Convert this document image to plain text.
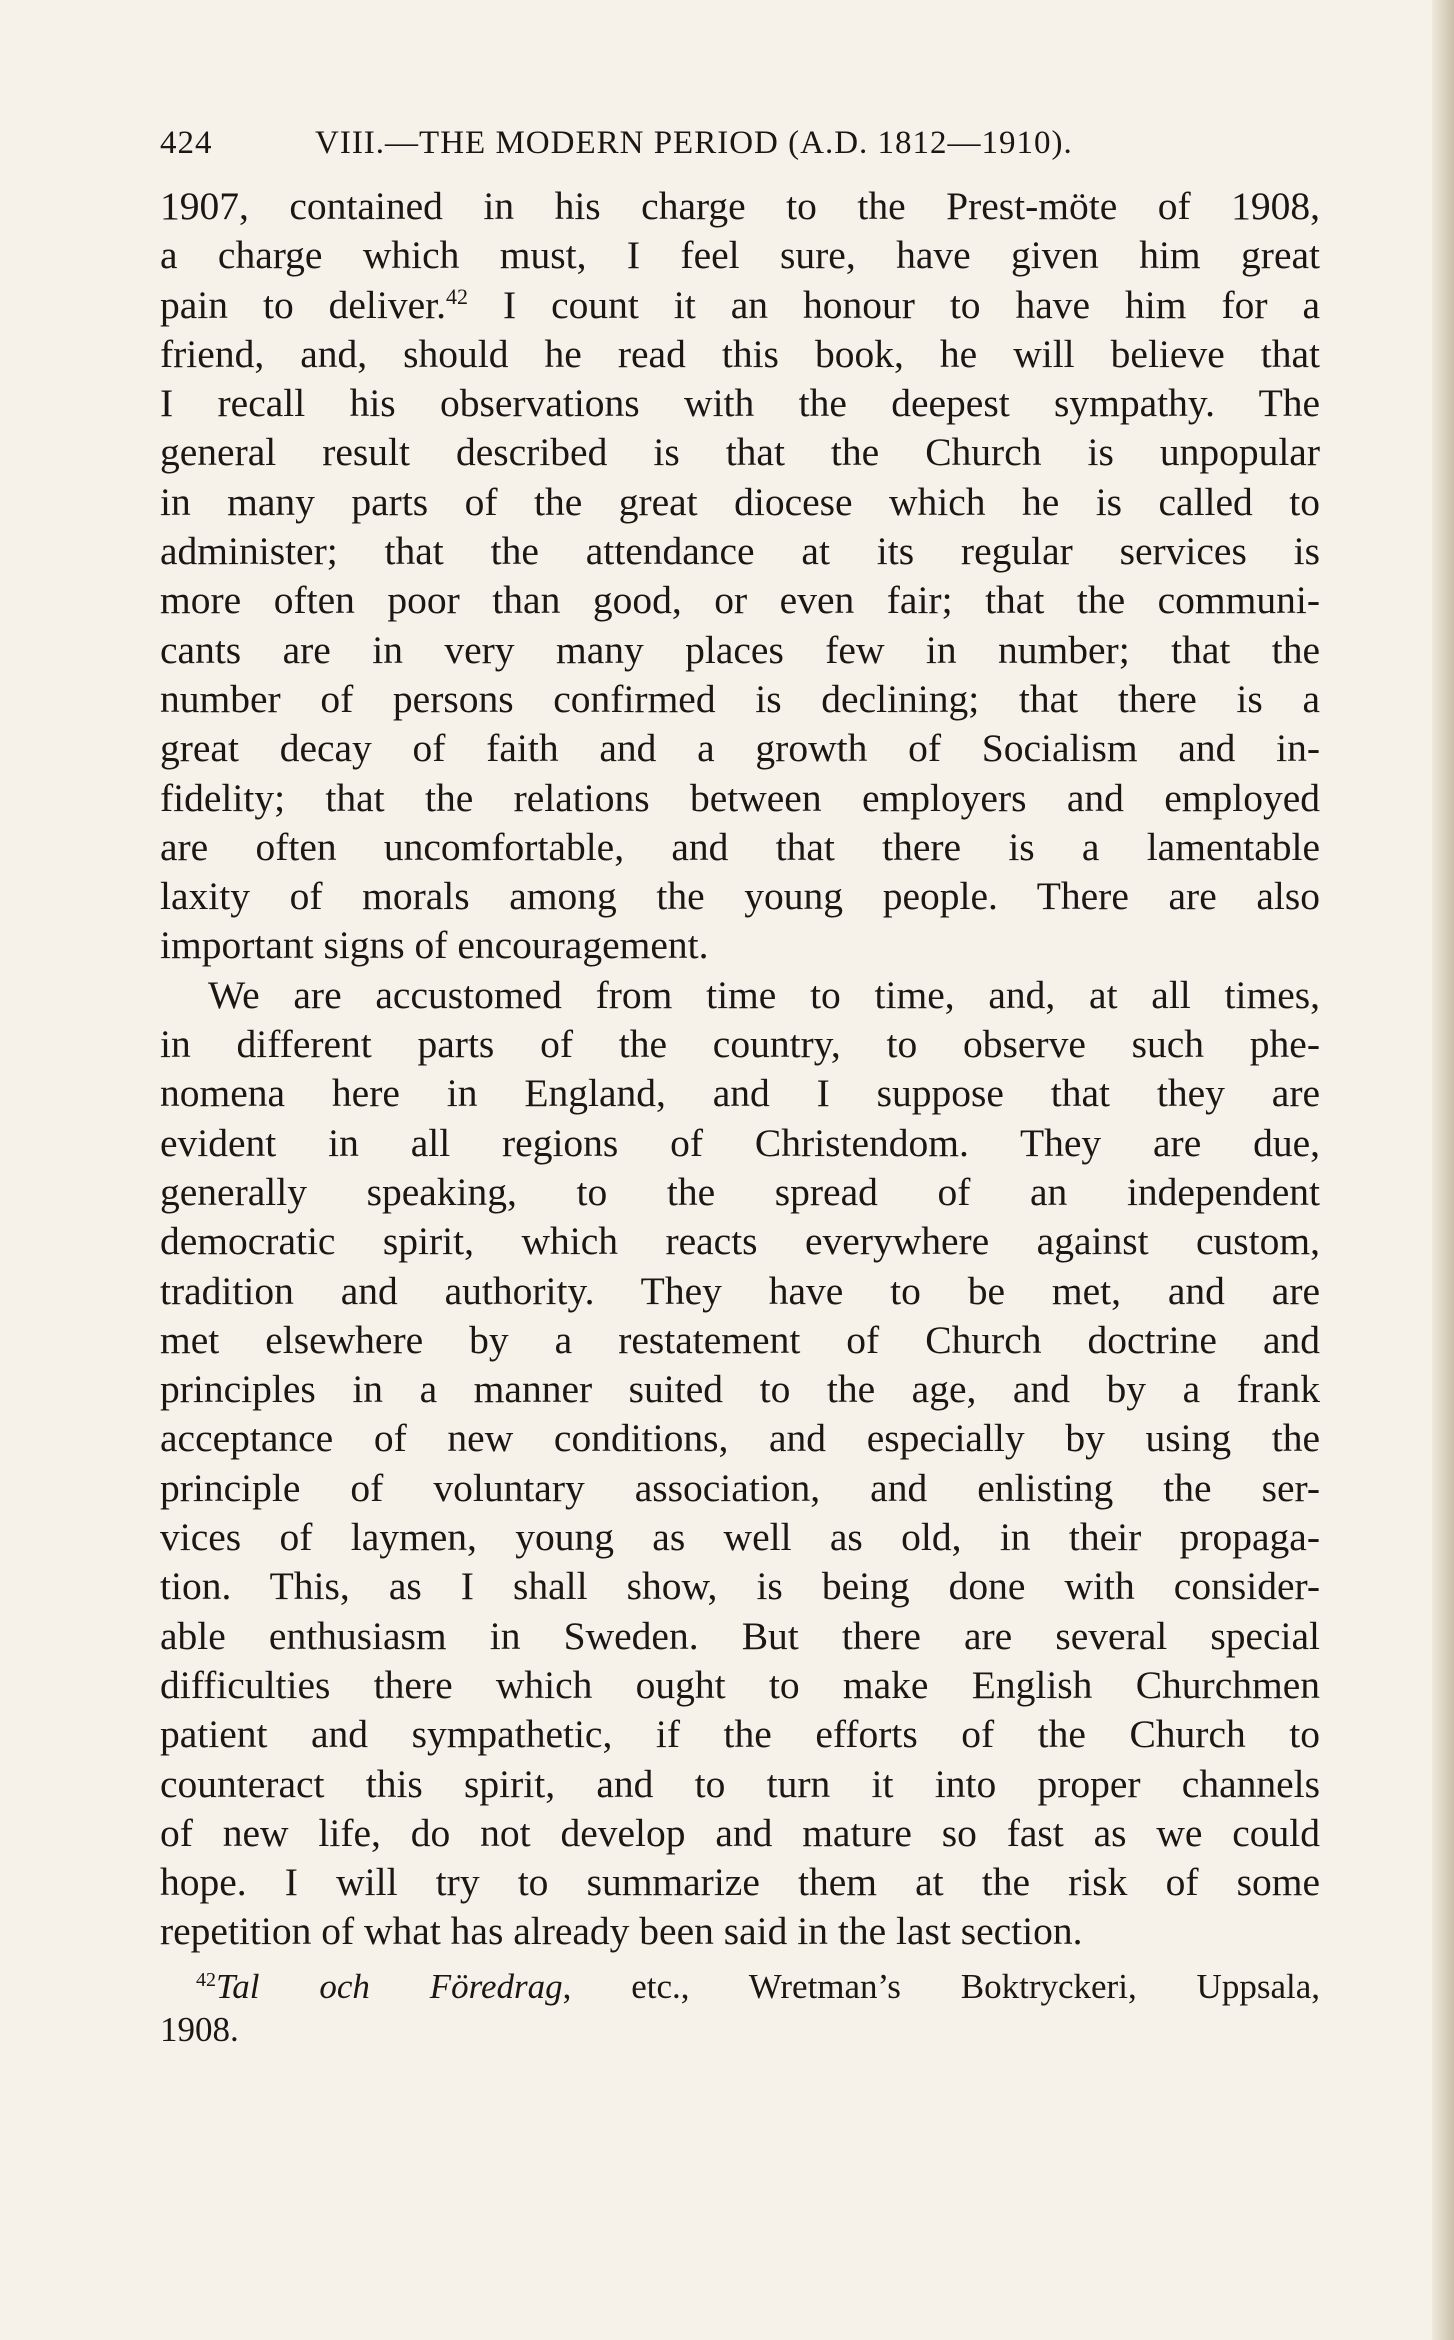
424	VIII.—THE MODERN PERIOD (A.D. 1812—1910).
1907, contained in his charge to the Prest-möte of 1908,
a charge which must, I feel sure, have given him great
pain to deliver.$^{42}$ I count it an honour to have him for a
friend, and, should he read this book, he will believe that
I recall his observations with the deepest sympathy. The
general result described is that the Church is unpopular
in many parts of the great diocese which he is called to
administer; that the attendance at its regular services is
more often poor than good, or even fair; that the communi-
cants are in very many places few in number; that the
number of persons confirmed is declining; that there is a
great decay of faith and a growth of Socialism and in-
fidelity; that the relations between employers and employed
are often uncomfortable, and that there is a lamentable
laxity of morals among the young people. There are also
important signs of encouragement.
We are accustomed from time to time, and, at all times,
in different parts of the country, to observe such phe-
nomena here in England, and I suppose that they are
evident in all regions of Christendom. They are due,
generally speaking, to the spread of an independent
democratic spirit, which reacts everywhere against custom,
tradition and authority. They have to be met, and are
met elsewhere by a restatement of Church doctrine and
principles in a manner suited to the age, and by a frank
acceptance of new conditions, and especially by using the
principle of voluntary association, and enlisting the ser-
vices of laymen, young as well as old, in their propaga-
tion. This, as I shall show, is being done with consider-
able enthusiasm in Sweden. But there are several special
difficulties there which ought to make English Churchmen
patient and sympathetic, if the efforts of the Church to
counteract this spirit, and to turn it into proper channels
of new life, do not develop and mature so fast as we could
hope. I will try to summarize them at the risk of some
repetition of what has already been said in the last section.
$^{42}$Tal och Föredrag, etc., Wretman’s Boktryckeri, Uppsala,
1908.
